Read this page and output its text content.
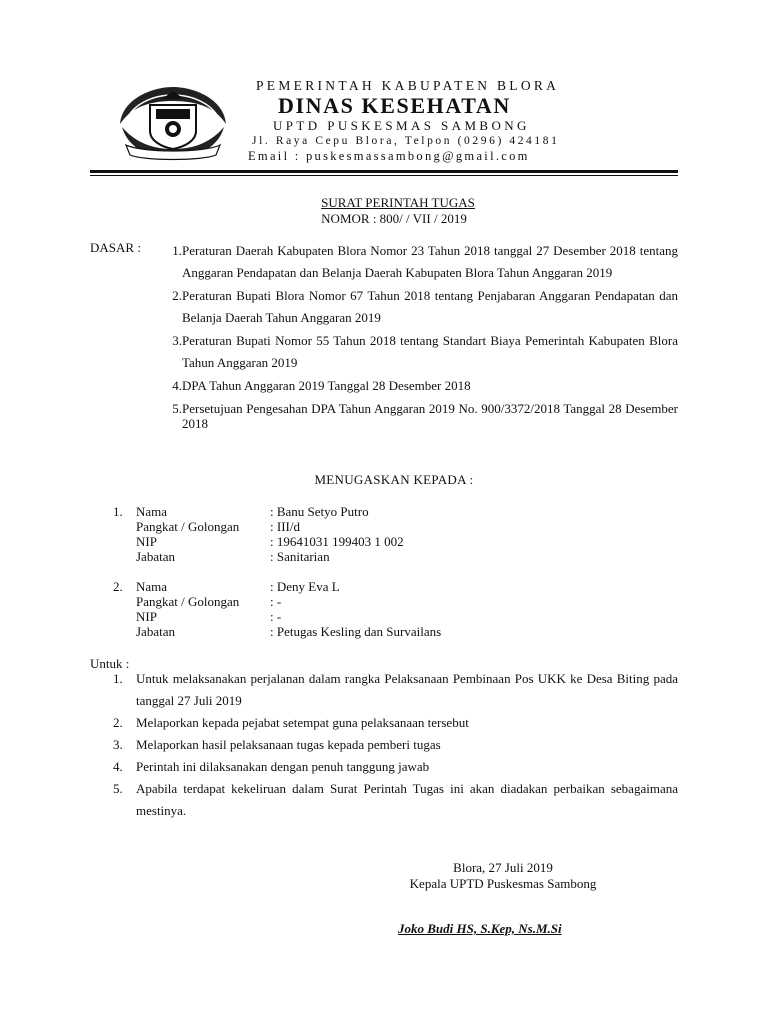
PEMERINTAH KABUPATEN BLORA
DINAS KESEHATAN
UPTD PUSKESMAS SAMBONG
Jl. Raya Cepu Blora, Telpon (0296) 424181
Email : puskesmassambong@gmail.com
SURAT PERINTAH TUGAS
NOMOR : 800/ / VII / 2019
DASAR :	1. Peraturan Daerah Kabupaten Blora Nomor 23 Tahun 2018 tanggal 27 Desember 2018 tentang Anggaran Pendapatan dan Belanja Daerah Kabupaten Blora Tahun Anggaran 2019
2. Peraturan Bupati Blora Nomor 67 Tahun 2018 tentang Penjabaran Anggaran Pendapatan dan Belanja Daerah Tahun Anggaran 2019
3. Peraturan Bupati Nomor 55 Tahun 2018 tentang Standart Biaya Pemerintah Kabupaten Blora Tahun Anggaran 2019
4. DPA Tahun Anggaran 2019 Tanggal 28 Desember 2018
5. Persetujuan Pengesahan DPA Tahun Anggaran 2019 No. 900/3372/2018 Tanggal 28 Desember 2018
MENUGASKAN KEPADA :
1.	Nama	: Banu Setyo Putro
Pangkat / Golongan	: III/d
NIP	: 19641031 199403 1 002
Jabatan	: Sanitarian
2.	Nama	: Deny Eva L
Pangkat / Golongan	: -
NIP	: -
Jabatan	: Petugas Kesling dan Survailans
Untuk :
1.	Untuk melaksanakan perjalanan dalam rangka Pelaksanaan Pembinaan Pos UKK ke Desa Biting pada tanggal 27 Juli 2019
2.	Melaporkan kepada pejabat setempat guna pelaksanaan tersebut
3.	Melaporkan hasil pelaksanaan tugas kepada pemberi tugas
4.	Perintah ini dilaksanakan dengan penuh tanggung jawab
5.	Apabila terdapat kekeliruan dalam Surat Perintah Tugas ini akan diadakan perbaikan sebagaimana mestinya.
Blora, 27 Juli 2019
Kepala UPTD Puskesmas Sambong
Joko Budi HS, S.Kep, Ns.M.Si
